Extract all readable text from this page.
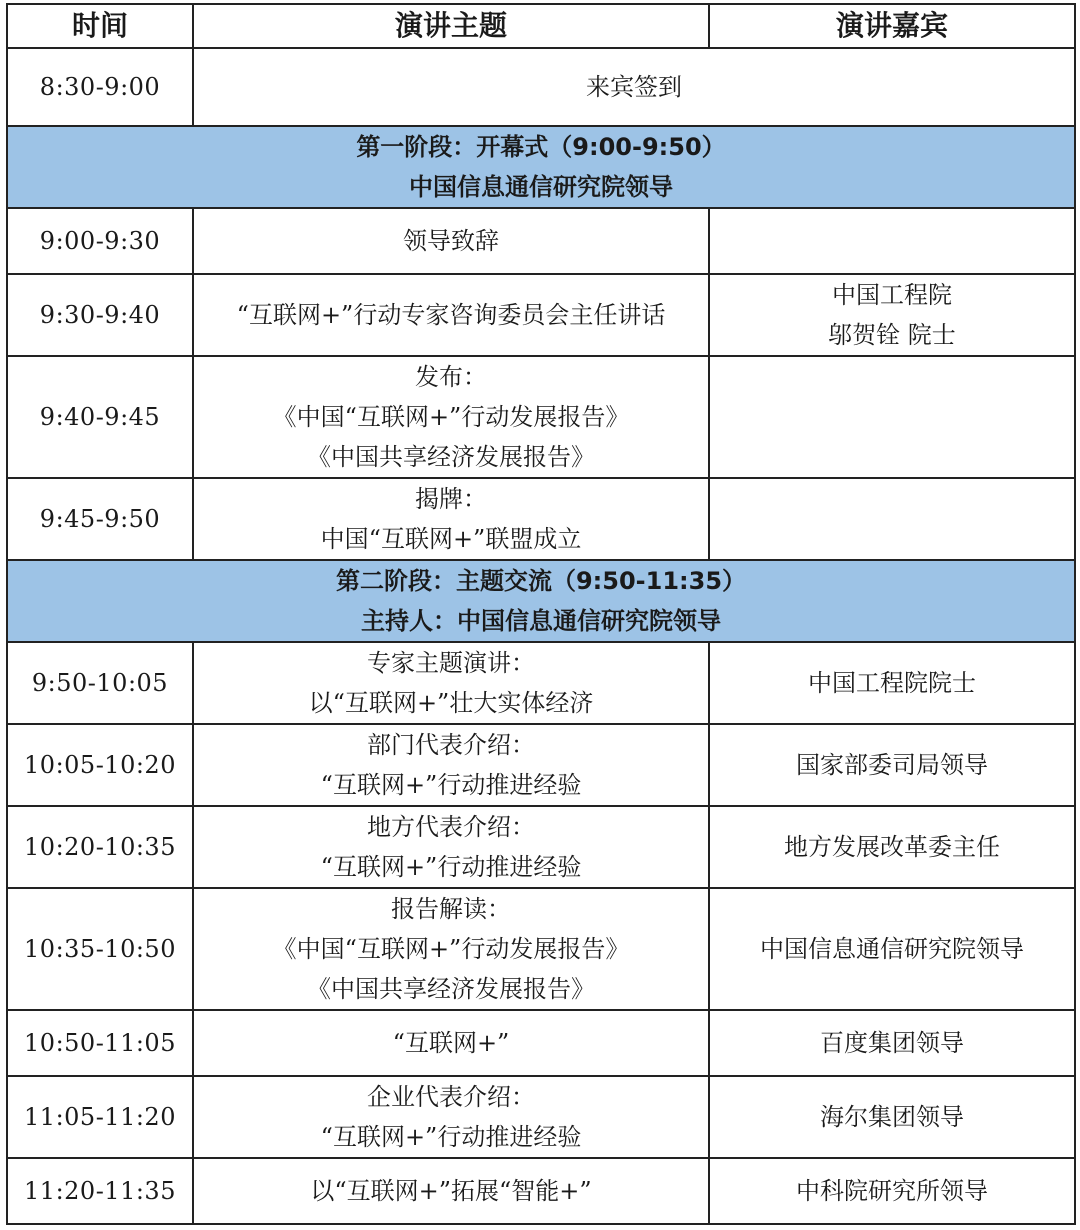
时间	演讲主题	演讲嘉宾
8:30-9:00	来宾签到	

第一阶段：开幕式（9:00-9:50）
中国信息通信研究院领导		

9:00-9:30	领导致辞	

9:30-9:40	“互联网+”行动专家咨询委员会主任讲话	中国工程院
邬贺铨 院士

9:40-9:45	发布：
《中国“互联网+”行动发展报告》
《中国共享经济发展报告》	

9:45-9:50	揭牌：
中国“互联网+”联盟成立	

第二阶段：主题交流（9:50-11:35）
主持人：中国信息通信研究院领导		

9:50-10:05	专家主题演讲：
以“互联网+”壮大实体经济	中国工程院院士

10:05-10:20	部门代表介绍：
“互联网+”行动推进经验	国家部委司局领导

10:20-10:35	地方代表介绍：
“互联网+”行动推进经验	地方发展改革委主任

10:35-10:50	报告解读：
《中国“互联网+”行动发展报告》
《中国共享经济发展报告》	中国信息通信研究院领导

10:50-11:05	“互联网+”	百度集团领导

11:05-11:20	企业代表介绍：
“互联网+”行动推进经验	海尔集团领导

11:20-11:35	以“互联网+”拓展“智能+”	中科院研究所领导
